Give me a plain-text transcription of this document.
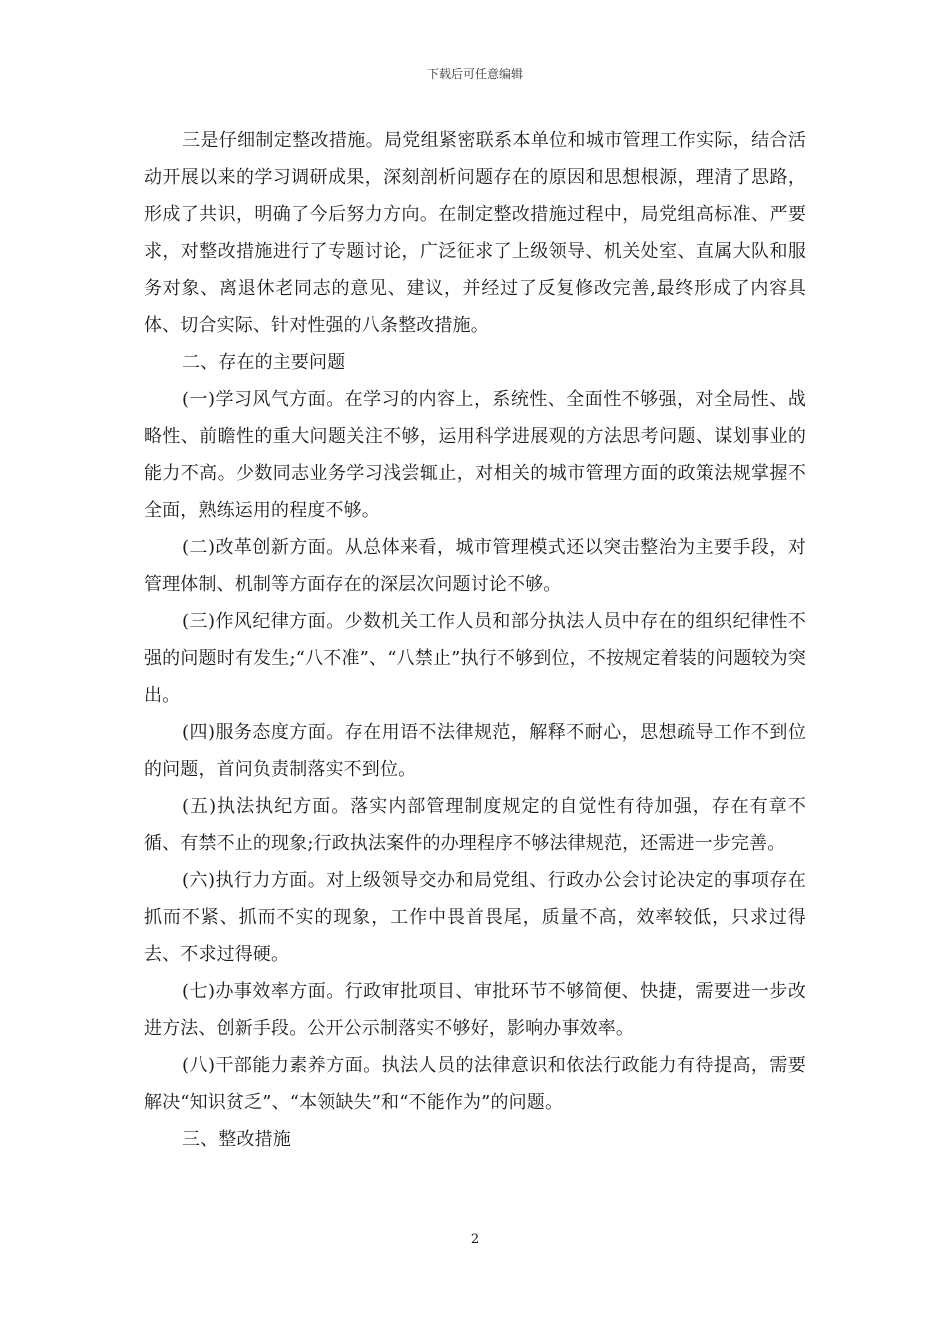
下载后可任意编辑

三是仔细制定整改措施。局党组紧密联系本单位和城市管理工作实际，结合活动开展以来的学习调研成果，深刻剖析问题存在的原因和思想根源，理清了思路，形成了共识，明确了今后努力方向。在制定整改措施过程中，局党组高标准、严要求，对整改措施进行了专题讨论，广泛征求了上级领导、机关处室、直属大队和服务对象、离退休老同志的意见、建议，并经过了反复修改完善,最终形成了内容具体、切合实际、针对性强的八条整改措施。

二、存在的主要问题

(一)学习风气方面。在学习的内容上，系统性、全面性不够强，对全局性、战略性、前瞻性的重大问题关注不够，运用科学进展观的方法思考问题、谋划事业的能力不高。少数同志业务学习浅尝辄止，对相关的城市管理方面的政策法规掌握不全面，熟练运用的程度不够。

(二)改革创新方面。从总体来看，城市管理模式还以突击整治为主要手段，对管理体制、机制等方面存在的深层次问题讨论不够。

(三)作风纪律方面。少数机关工作人员和部分执法人员中存在的组织纪律性不强的问题时有发生;“八不准”、“八禁止”执行不够到位，不按规定着装的问题较为突出。

(四)服务态度方面。存在用语不法律规范，解释不耐心，思想疏导工作不到位的问题，首问负责制落实不到位。

(五)执法执纪方面。落实内部管理制度规定的自觉性有待加强，存在有章不循、有禁不止的现象;行政执法案件的办理程序不够法律规范，还需进一步完善。

(六)执行力方面。对上级领导交办和局党组、行政办公会讨论决定的事项存在抓而不紧、抓而不实的现象，工作中畏首畏尾，质量不高，效率较低，只求过得去、不求过得硬。

(七)办事效率方面。行政审批项目、审批环节不够简便、快捷，需要进一步改进方法、创新手段。公开公示制落实不够好，影响办事效率。

(八)干部能力素养方面。执法人员的法律意识和依法行政能力有待提高，需要解决“知识贫乏”、“本领缺失”和“不能作为”的问题。

三、整改措施

2
